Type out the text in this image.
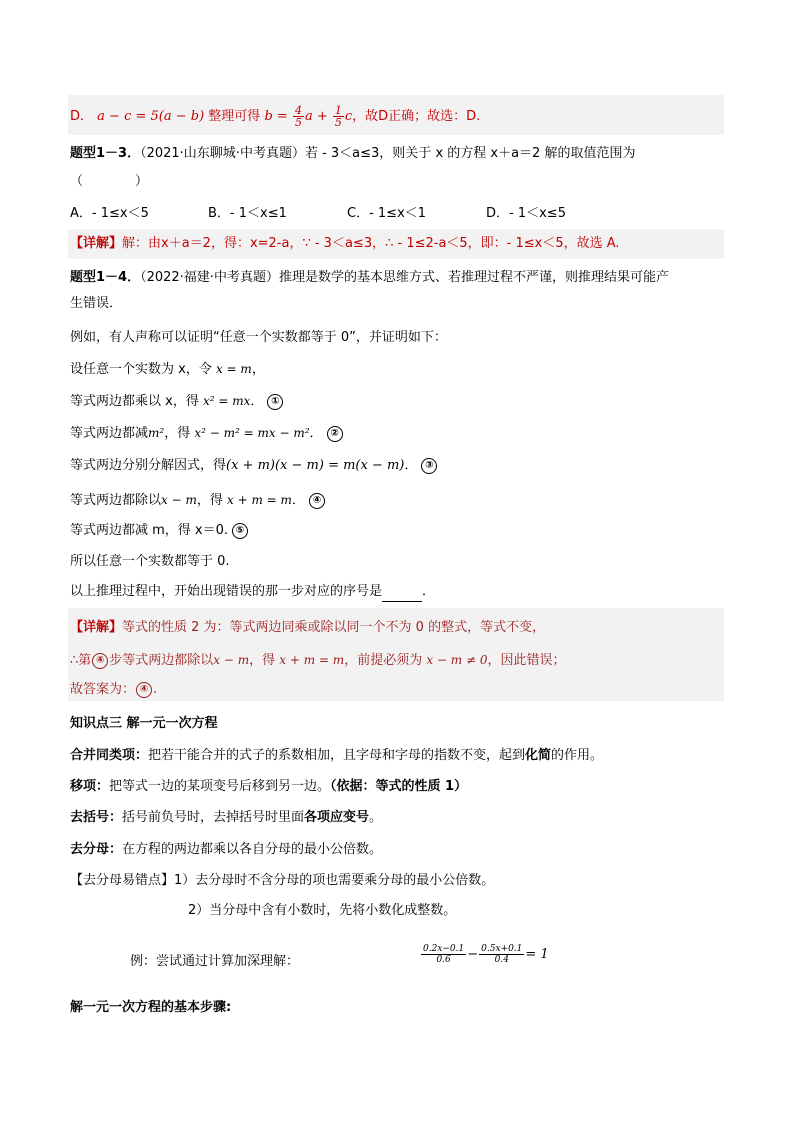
D． a − c = 5(a − b) 整理可得 $b = \frac{4}{5}$ $a + \frac{1}{5}$ c，故D正确；故选：D.
题型1－3．（2021·山东聊城·中考真题）若 - 3＜a≤3，则关于 x 的方程 x＋a＝2 解的取值范围为
（　　　　）
A．- 1≤x＜5	B．- 1＜x≤1	C．- 1≤x＜1	D．- 1＜x≤5
【详解】解：由x＋a＝2，得：x=2-a，∵ - 3＜a≤3，∴ - 1≤2-a＜5，即：- 1≤x＜5，故选 A.
题型1－4．（2022·福建·中考真题）推理是数学的基本思维方式、若推理过程不严谨，则推理结果可能产
生错误．
例如，有人声称可以证明“任意一个实数都等于 0”，并证明如下：
设任意一个实数为 x，令 x = m，
等式两边都乘以 x，得 x² = mx． ①
等式两边都减m²，得 x² − m² = mx − m²． ②
等式两边分别分解因式，得(x + m)(x − m) = m(x − m)． ③
等式两边都除以x − m，得 x + m = m． ④
等式两边都减 m，得 x＝0. ⑤
所以任意一个实数都等于 0.
以上推理过程中，开始出现错误的那一步对应的序号是	．
【详解】等式的性质 2 为：等式两边同乘或除以同一个不为 0 的整式，等式不变，
∴第 ④ 步等式两边都除以x − m，得 x + m = m，前提必须为 x − m ≠ 0，因此错误；
故答案为： ④ .
知识点三 解一元一次方程
合并同类项：把若干能合并的式子的系数相加，且字母和字母的指数不变，起到化简的作用。
移项：把等式一边的某项变号后移到另一边。（依据：等式的性质 1）
去括号：括号前负号时，去掉括号时里面各项应变号。
去分母：在方程的两边都乘以各自分母的最小公倍数。
【去分母易错点】1）去分母时不含分母的项也需要乘分母的最小公倍数。
2）当分母中含有小数时，先将小数化成整数。
例：尝试通过计算加深理解：	$\frac{0.2x-0.1}{0.6} - \frac{0.5x+0.1}{0.4} = 1$
解一元一次方程的基本步骤:
